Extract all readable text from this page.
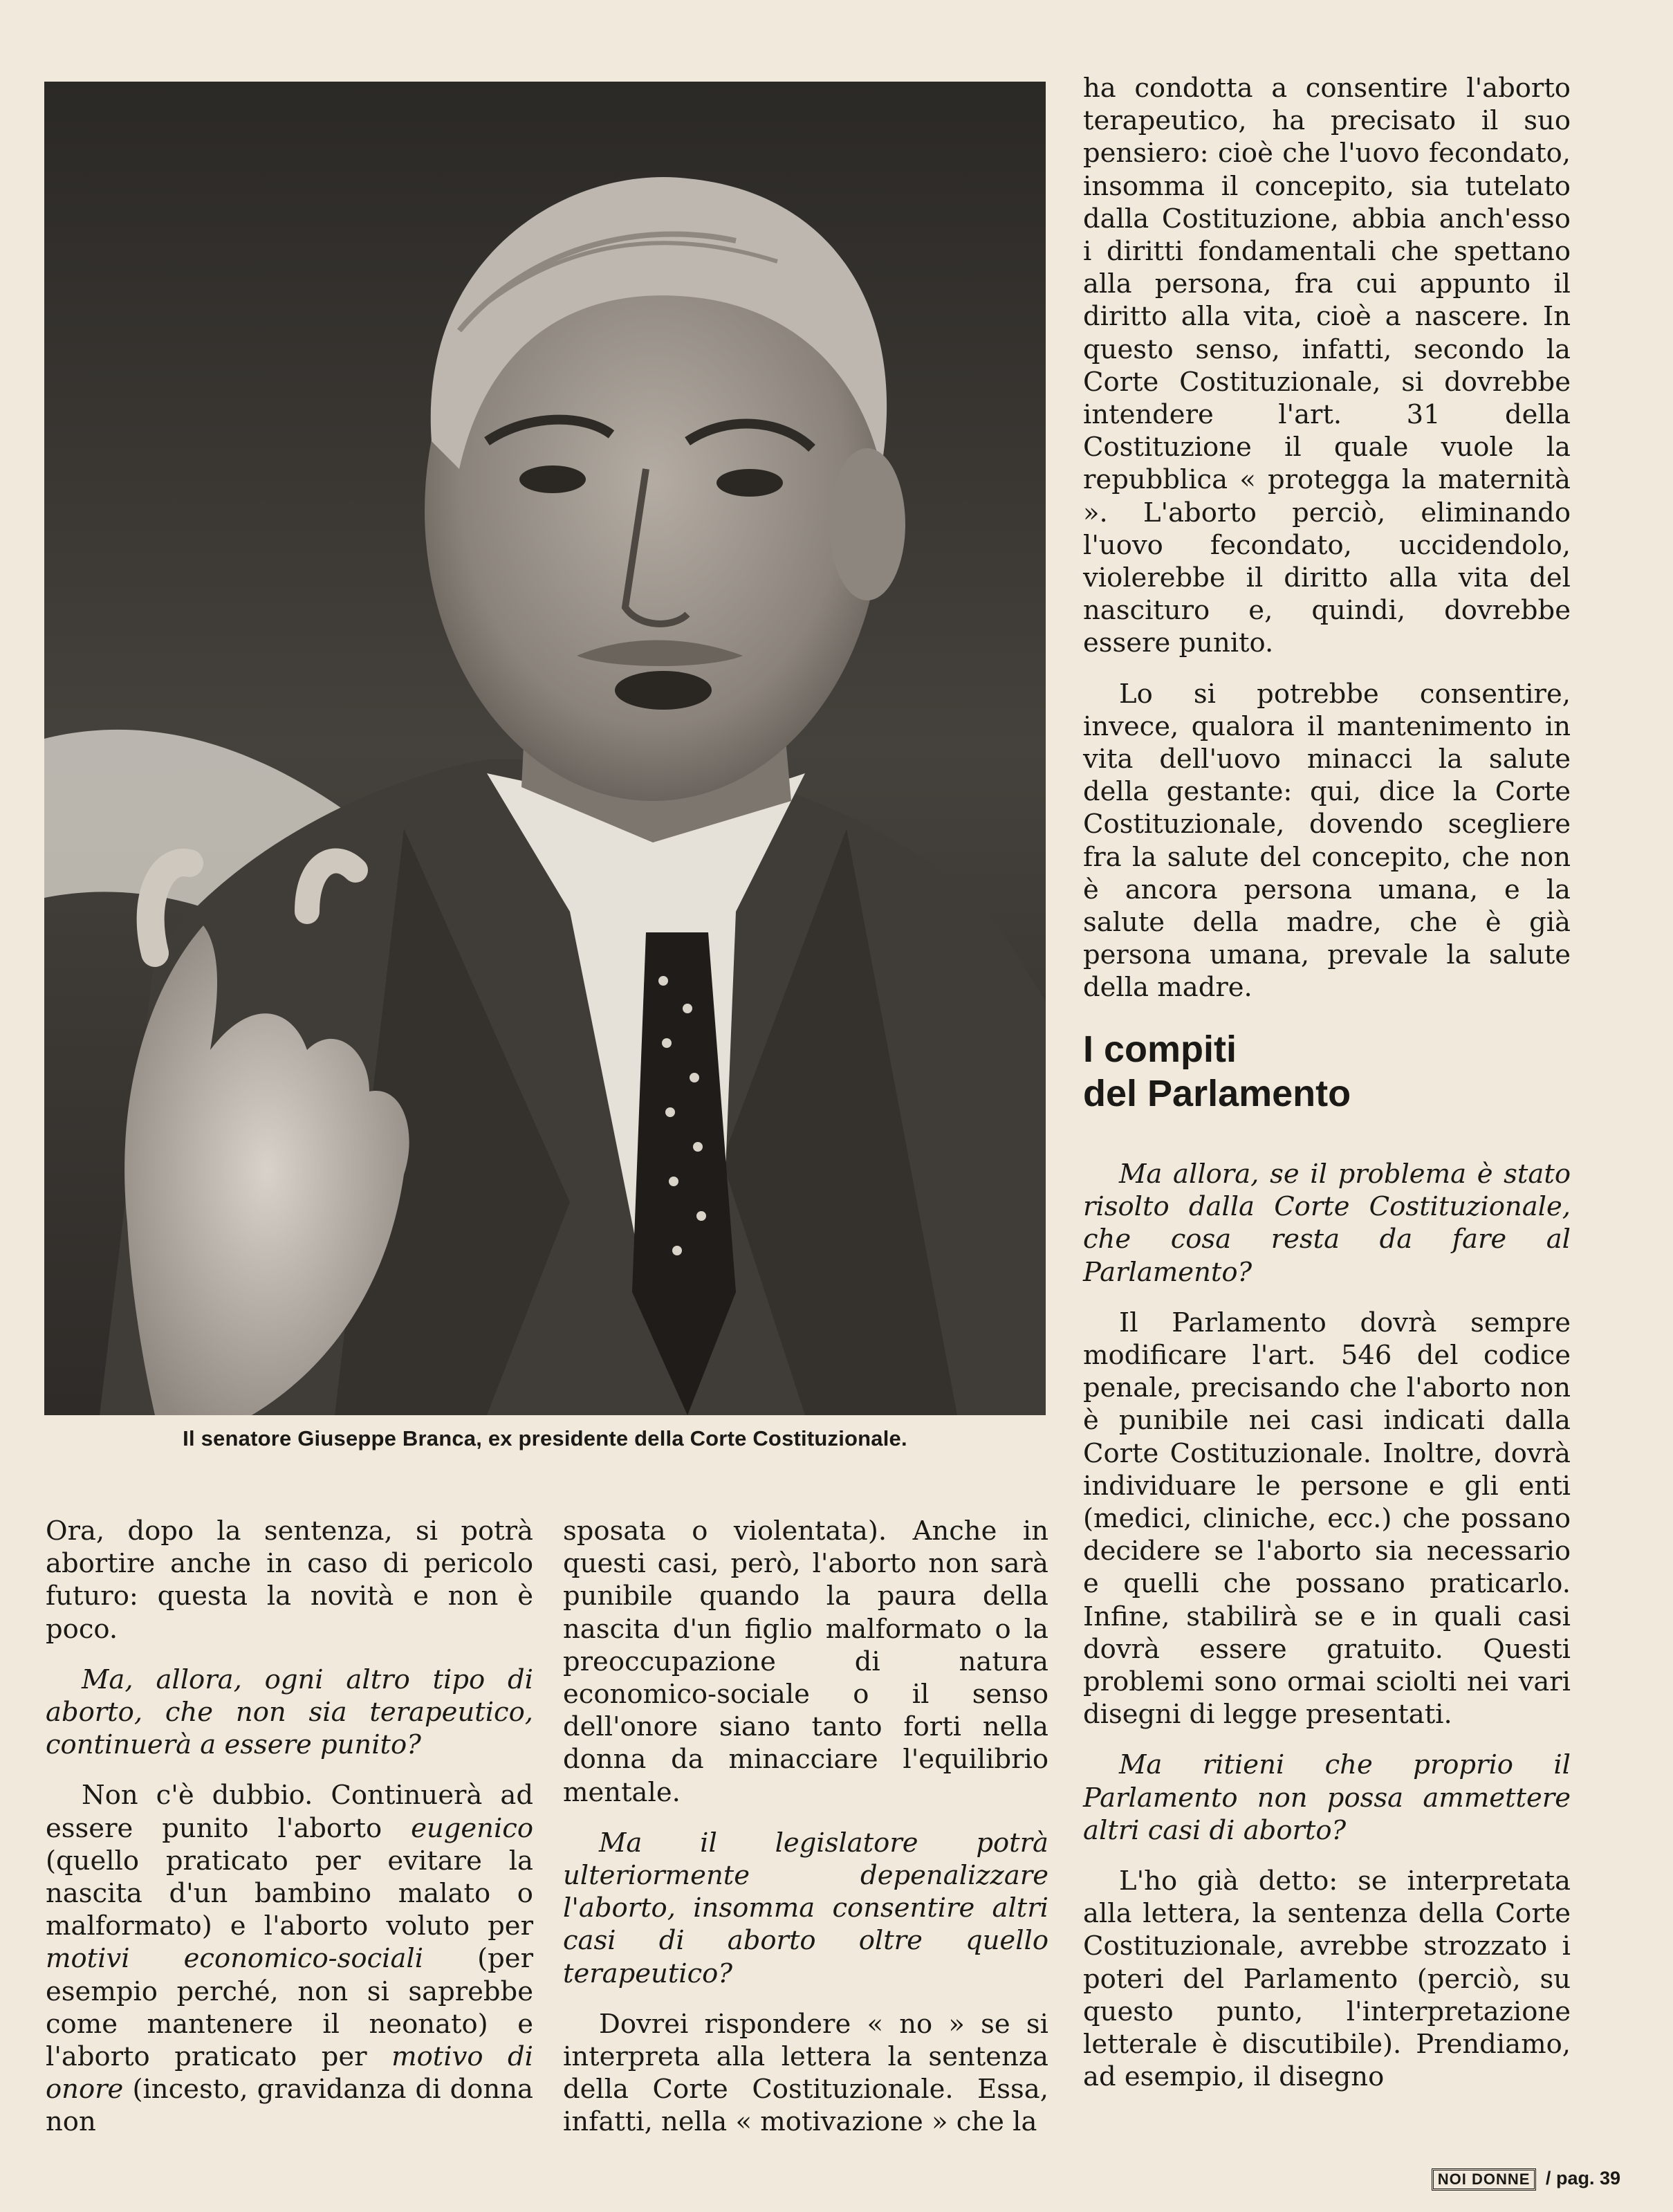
Il senatore Giuseppe Branca, ex presidente della Corte Costituzionale.

Ora, dopo la sentenza, si potrà abortire anche in caso di pericolo futuro: questa la novità e non è poco.

Ma, allora, ogni altro tipo di aborto, che non sia terapeutico, continuerà a essere punito?

Non c'è dubbio. Continuerà ad essere punito l'aborto eugenico (quello praticato per evitare la nascita d'un bambino malato o malformato) e l'aborto voluto per motivi economico-sociali (per esempio perché, non si saprebbe come mantenere il neonato) e l'aborto praticato per motivo di onore (incesto, gravidanza di donna non

sposata o violentata). Anche in questi casi, però, l'aborto non sarà punibile quando la paura della nascita d'un figlio malformato o la preoccupazione di natura economico-sociale o il senso dell'onore siano tanto forti nella donna da minacciare l'equilibrio mentale.

Ma il legislatore potrà ulteriormente depenalizzare l'aborto, insomma consentire altri casi di aborto oltre quello terapeutico?

Dovrei rispondere « no » se si interpreta alla lettera la sentenza della Corte Costituzionale. Essa, infatti, nella « motivazione » che la

ha condotta a consentire l'aborto terapeutico, ha precisato il suo pensiero: cioè che l'uovo fecondato, insomma il concepito, sia tutelato dalla Costituzione, abbia anch'esso i diritti fondamentali che spettano alla persona, fra cui appunto il diritto alla vita, cioè a nascere. In questo senso, infatti, secondo la Corte Costituzionale, si dovrebbe intendere l'art. 31 della Costituzione il quale vuole la repubblica « protegga la maternità ». L'aborto perciò, eliminando l'uovo fecondato, uccidendolo, violerebbe il diritto alla vita del nascituro e, quindi, dovrebbe essere punito.

Lo si potrebbe consentire, invece, qualora il mantenimento in vita dell'uovo minacci la salute della gestante: qui, dice la Corte Costituzionale, dovendo scegliere fra la salute del concepito, che non è ancora persona umana, e la salute della madre, che è già persona umana, prevale la salute della madre.

I compiti
del Parlamento

Ma allora, se il problema è stato risolto dalla Corte Costituzionale, che cosa resta da fare al Parlamento?

Il Parlamento dovrà sempre modificare l'art. 546 del codice penale, precisando che l'aborto non è punibile nei casi indicati dalla Corte Costituzionale. Inoltre, dovrà individuare le persone e gli enti (medici, cliniche, ecc.) che possano decidere se l'aborto sia necessario e quelli che possano praticarlo. Infine, stabilirà se e in quali casi dovrà essere gratuito. Questi problemi sono ormai sciolti nei vari disegni di legge presentati.

Ma ritieni che proprio il Parlamento non possa ammettere altri casi di aborto?

L'ho già detto: se interpretata alla lettera, la sentenza della Corte Costituzionale, avrebbe strozzato i poteri del Parlamento (perciò, su questo punto, l'interpretazione letterale è discutibile). Prendiamo, ad esempio, il disegno

NOI DONNE / pag. 39
